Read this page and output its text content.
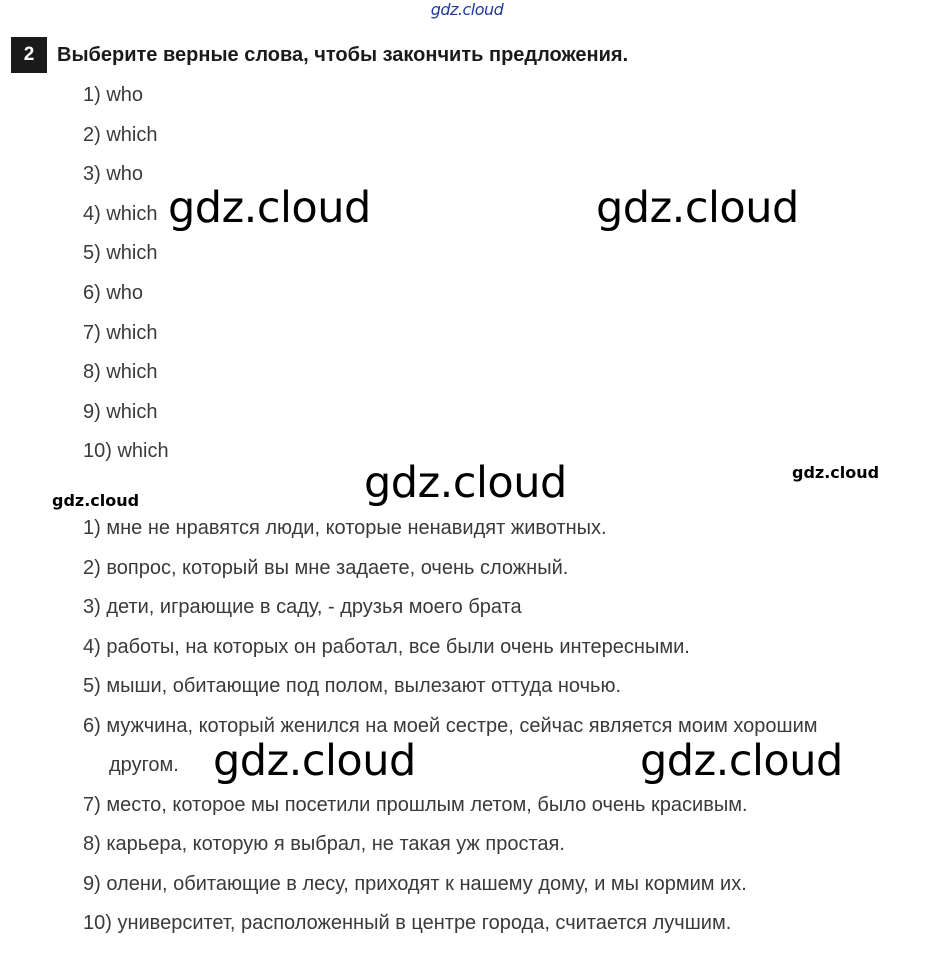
gdz.cloud
2	Выберите верные слова, чтобы закончить предложения.
1) who
2) which
3) who
4) which
5) which
6) who
7) which
8) which
9) which
10) which
1) мне не нравятся люди, которые ненавидят животных.
2) вопрос, который вы мне задаете, очень сложный.
3) дети, играющие в саду, - друзья моего брата
4) работы, на которых он работал, все были очень интересными.
5) мыши, обитающие под полом, вылезают оттуда ночью.
6) мужчина, который женился на моей сестре, сейчас является моим хорошим
другом.
7) место, которое мы посетили прошлым летом, было очень красивым.
8) карьера, которую я выбрал, не такая уж простая.
9) олени, обитающие в лесу, приходят к нашему дому, и мы кормим их.
10) университет, расположенный в центре города, считается лучшим.
gdz.cloud	gdz.cloud
gdz.cloud	gdz.cloud
gdz.cloud
gdz.cloud	gdz.cloud
